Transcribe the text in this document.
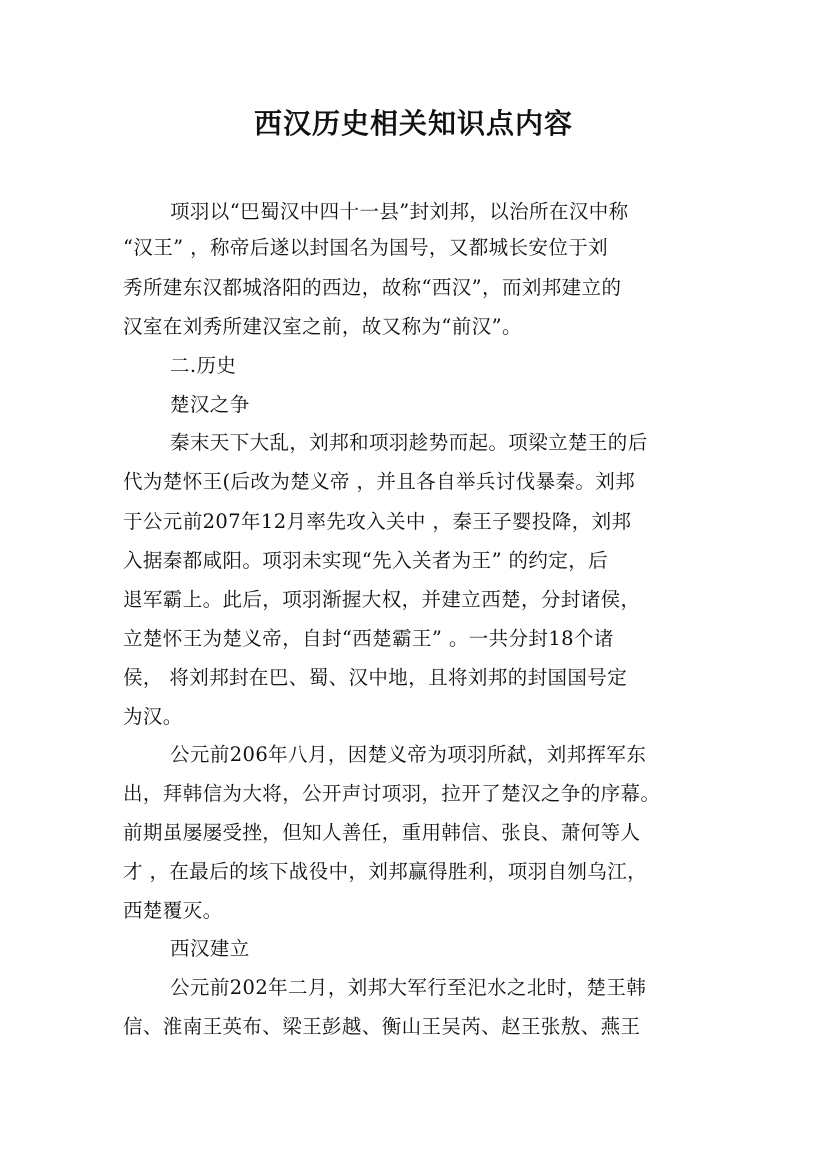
西汉历史相关知识点内容
项羽以“巴蜀汉中四十一县”封刘邦，以治所在汉中称
“汉王” ，称帝后遂以封国名为国号，又都城长安位于刘
秀所建东汉都城洛阳的西边，故称“西汉”，而刘邦建立的
汉室在刘秀所建汉室之前，故又称为“前汉”。
二.历史
楚汉之争
秦末天下大乱，刘邦和项羽趁势而起。项梁立楚王的后
代为楚怀王(后改为楚义帝 ，并且各自举兵讨伐暴秦。刘邦
于公元前207年12月率先攻入关中 ，秦王子婴投降，刘邦
入据秦都咸阳。项羽未实现“先入关者为王” 的约定，后
退军霸上。此后，项羽渐握大权，并建立西楚，分封诸侯，
立楚怀王为楚义帝，自封“西楚霸王” 。一共分封18个诸
侯， 将刘邦封在巴、蜀、汉中地，且将刘邦的封国国号定
为汉。
公元前206年八月，因楚义帝为项羽所弑，刘邦挥军东
出，拜韩信为大将，公开声讨项羽，拉开了楚汉之争的序幕。
前期虽屡屡受挫，但知人善任，重用韩信、张良、萧何等人
才 ，在最后的垓下战役中，刘邦赢得胜利，项羽自刎乌江，
西楚覆灭。
西汉建立
公元前202年二月，刘邦大军行至汜水之北时，楚王韩
信、淮南王英布、梁王彭越、衡山王吴芮、赵王张敖、燕王
